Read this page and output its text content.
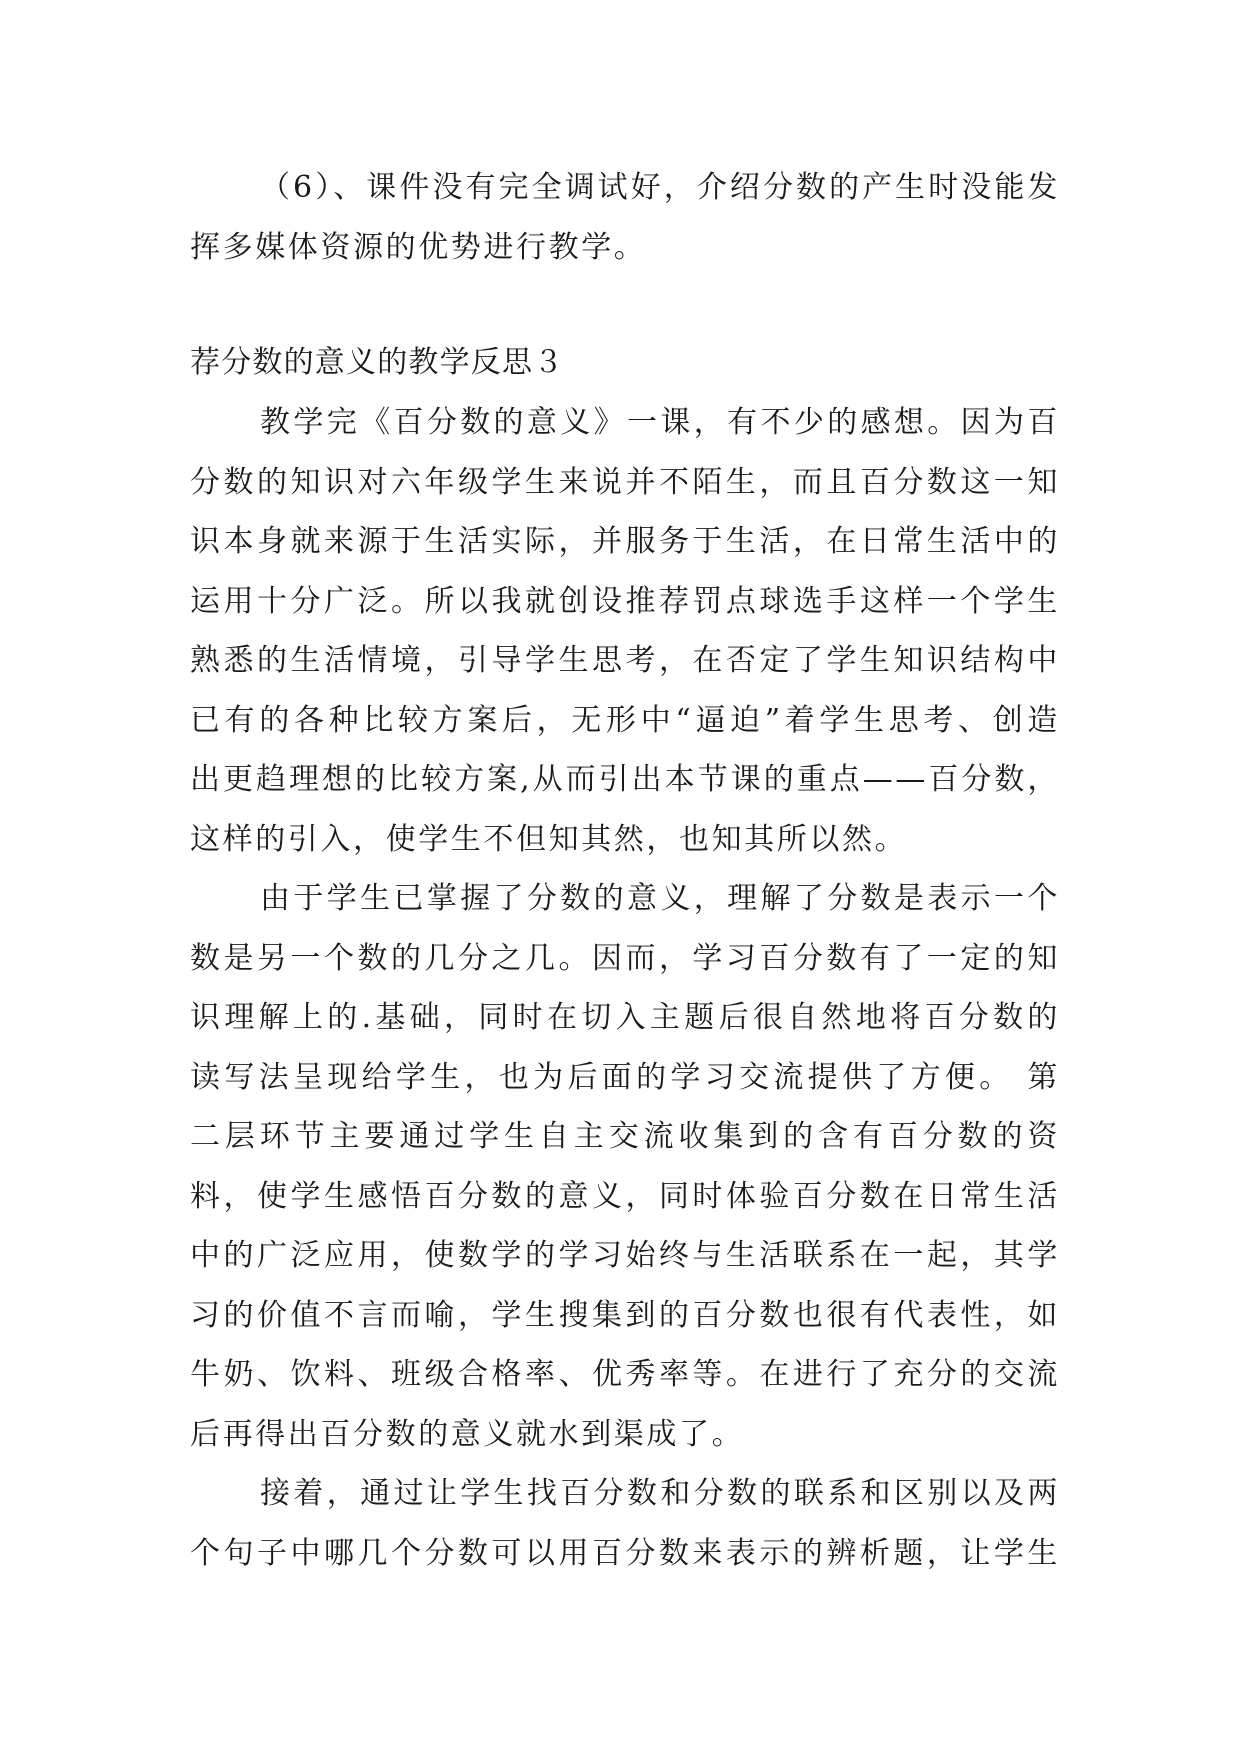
（6）、课件没有完全调试好，介绍分数的产生时没能发

挥多媒体资源的优势进行教学。

荐分数的意义的教学反思３

教学完《百分数的意义》一课，有不少的感想。因为百

分数的知识对六年级学生来说并不陌生，而且百分数这一知

识本身就来源于生活实际，并服务于生活，在日常生活中的

运用十分广泛。所以我就创设推荐罚点球选手这样一个学生

熟悉的生活情境，引导学生思考，在否定了学生知识结构中

已有的各种比较方案后，无形中“逼迫”着学生思考、创造

出更趋理想的比较方案,从而引出本节课的重点——百分数，

这样的引入，使学生不但知其然，也知其所以然。

由于学生已掌握了分数的意义，理解了分数是表示一个

数是另一个数的几分之几。因而，学习百分数有了一定的知

识理解上的.基础，同时在切入主题后很自然地将百分数的

读写法呈现给学生，也为后面的学习交流提供了方便。 第

二层环节主要通过学生自主交流收集到的含有百分数的资

料，使学生感悟百分数的意义，同时体验百分数在日常生活

中的广泛应用，使数学的学习始终与生活联系在一起，其学

习的价值不言而喻，学生搜集到的百分数也很有代表性，如

牛奶、饮料、班级合格率、优秀率等。在进行了充分的交流

后再得出百分数的意义就水到渠成了。

接着，通过让学生找百分数和分数的联系和区别以及两

个句子中哪几个分数可以用百分数来表示的辨析题，让学生
